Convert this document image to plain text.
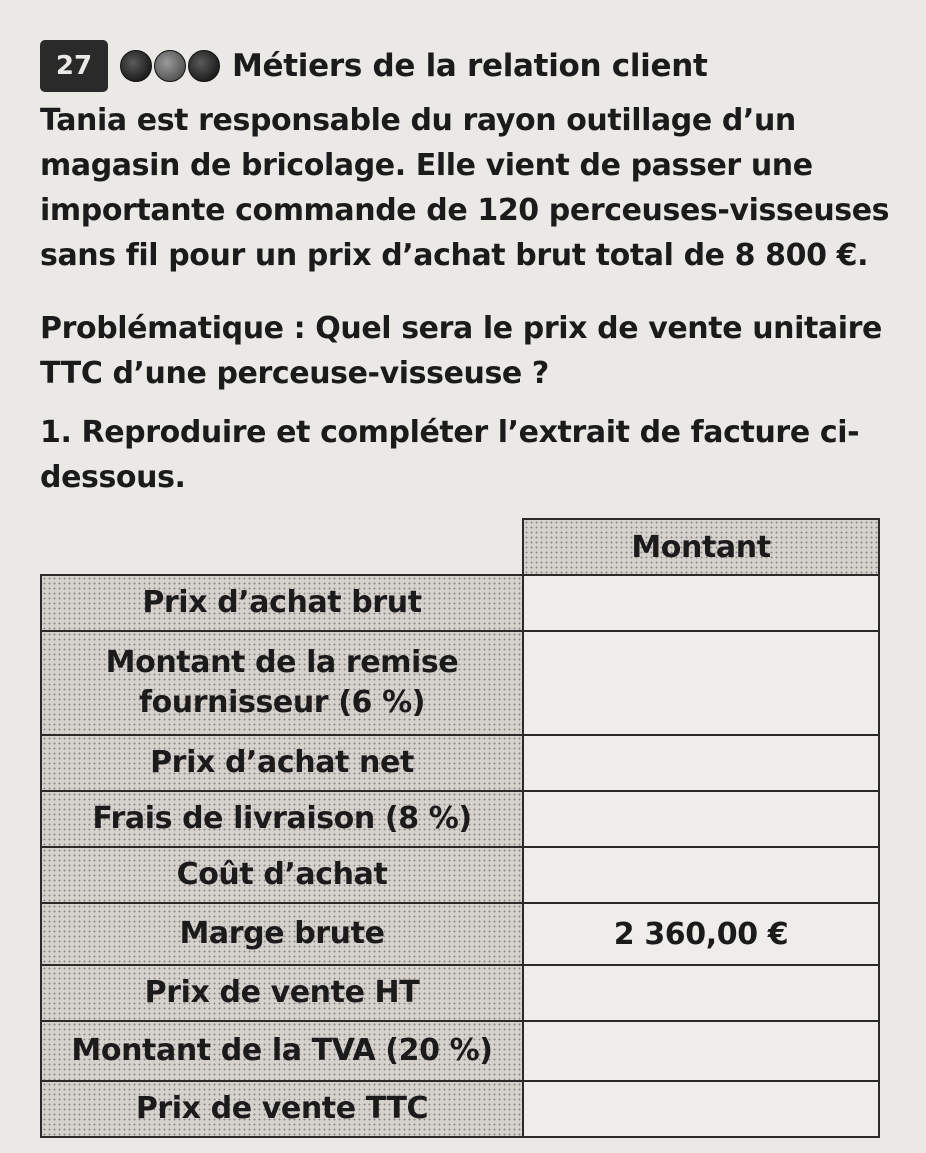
27	Métiers de la relation client

Tania est responsable du rayon outillage d’un magasin de bricolage. Elle vient de passer une importante commande de 120 perceuses-visseuses sans fil pour un prix d’achat brut total de 8 800 €.

Problématique : Quel sera le prix de vente unitaire TTC d’une perceuse-visseuse ?

1. Reproduire et compléter l’extrait de facture ci-dessous.

	Montant
Prix d’achat brut	
Montant de la remise fournisseur (6 %)	
Prix d’achat net	
Frais de livraison (8 %)	
Coût d’achat	
Marge brute	2 360,00 €
Prix de vente HT	
Montant de la TVA (20 %)	
Prix de vente TTC	
